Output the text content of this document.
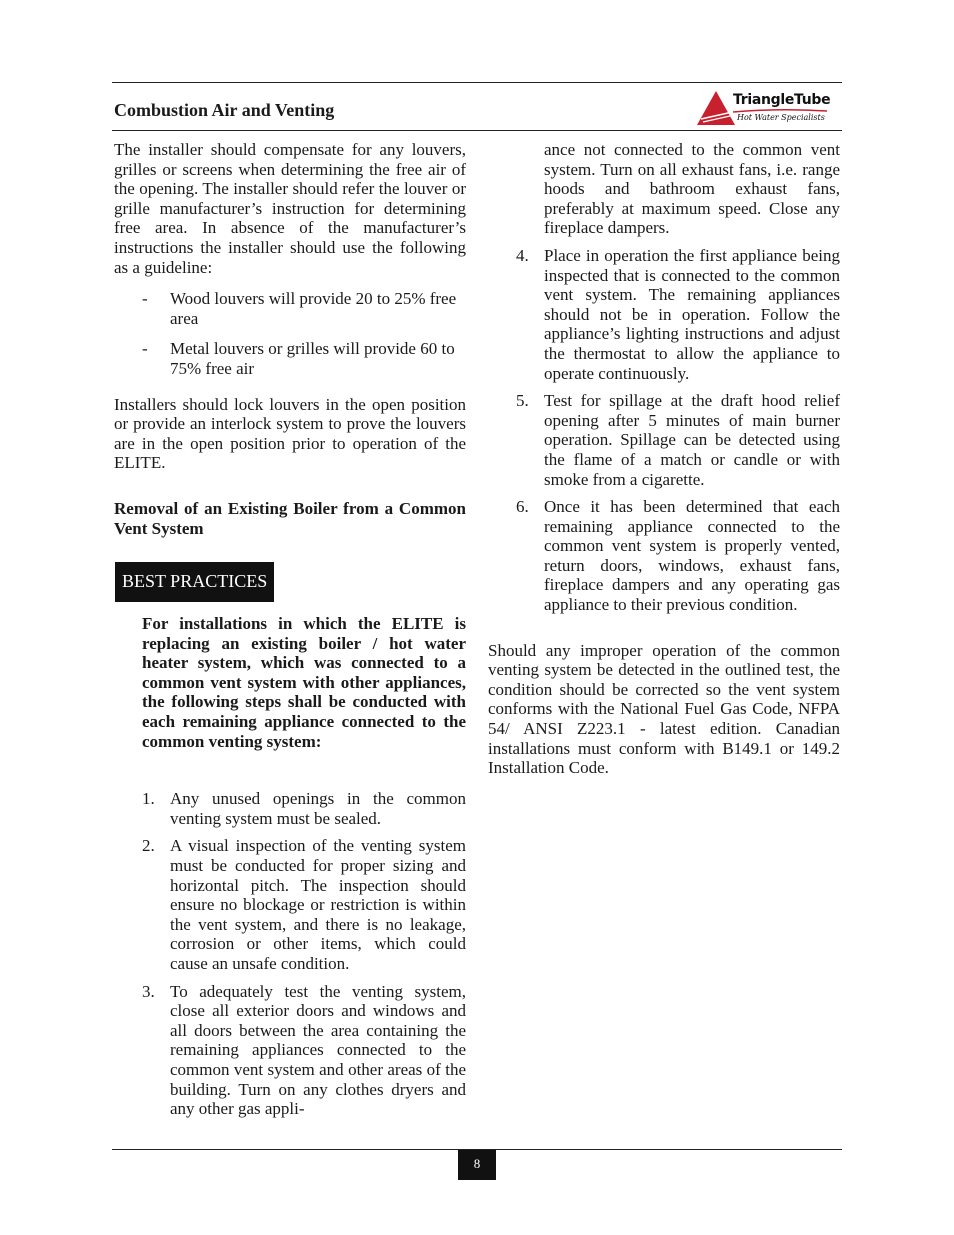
Combustion Air and Venting	TriangleTube
Hot Water Specialists

The installer should compensate for any louvers, grilles or screens when determining the free air of the opening. The installer should refer the louver or grille manufacturer’s instruction for determining free area. In absence of the manufacturer’s instructions the installer should use the following as a guideline:

- Wood louvers will provide 20 to 25% free area
- Metal louvers or grilles will provide 60 to 75% free air

Installers should lock louvers in the open position or provide an interlock system to prove the louvers are in the open position prior to operation of the ELITE.

Removal of an Existing Boiler from a Common Vent System

BEST PRACTICES

For installations in which the ELITE is replacing an existing boiler / hot water heater system, which was connected to a common vent system with other appliances, the following steps shall be conducted with each remaining appliance connected to the common venting system:

1. Any unused openings in the common venting system must be sealed.

2. A visual inspection of the venting system must be conducted for proper sizing and horizontal pitch. The inspection should ensure no blockage or restriction is within the vent system, and there is no leakage, corrosion or other items, which could cause an unsafe condition.

3. To adequately test the venting system, close all exterior doors and windows and all doors between the area containing the remaining appliances connected to the common vent system and other areas of the building. Turn on any clothes dryers and any other gas appli-

ance not connected to the common vent system. Turn on all exhaust fans, i.e. range hoods and bathroom exhaust fans, preferably at maximum speed. Close any fireplace dampers.

4. Place in operation the first appliance being inspected that is connected to the common vent system. The remaining appliances should not be in operation. Follow the appliance’s lighting instructions and adjust the thermostat to allow the appliance to operate continuously.

5. Test for spillage at the draft hood relief opening after 5 minutes of main burner operation. Spillage can be detected using the flame of a match or candle or with smoke from a cigarette.

6. Once it has been determined that each remaining appliance connected to the common vent system is properly vented, return doors, windows, exhaust fans, fireplace dampers and any operating gas appliance to their previous condition.

Should any improper operation of the common venting system be detected in the outlined test, the condition should be corrected so the vent system conforms with the National Fuel Gas Code, NFPA 54/ ANSI Z223.1 - latest edition. Canadian installations must conform with B149.1 or 149.2 Installation Code.

8
